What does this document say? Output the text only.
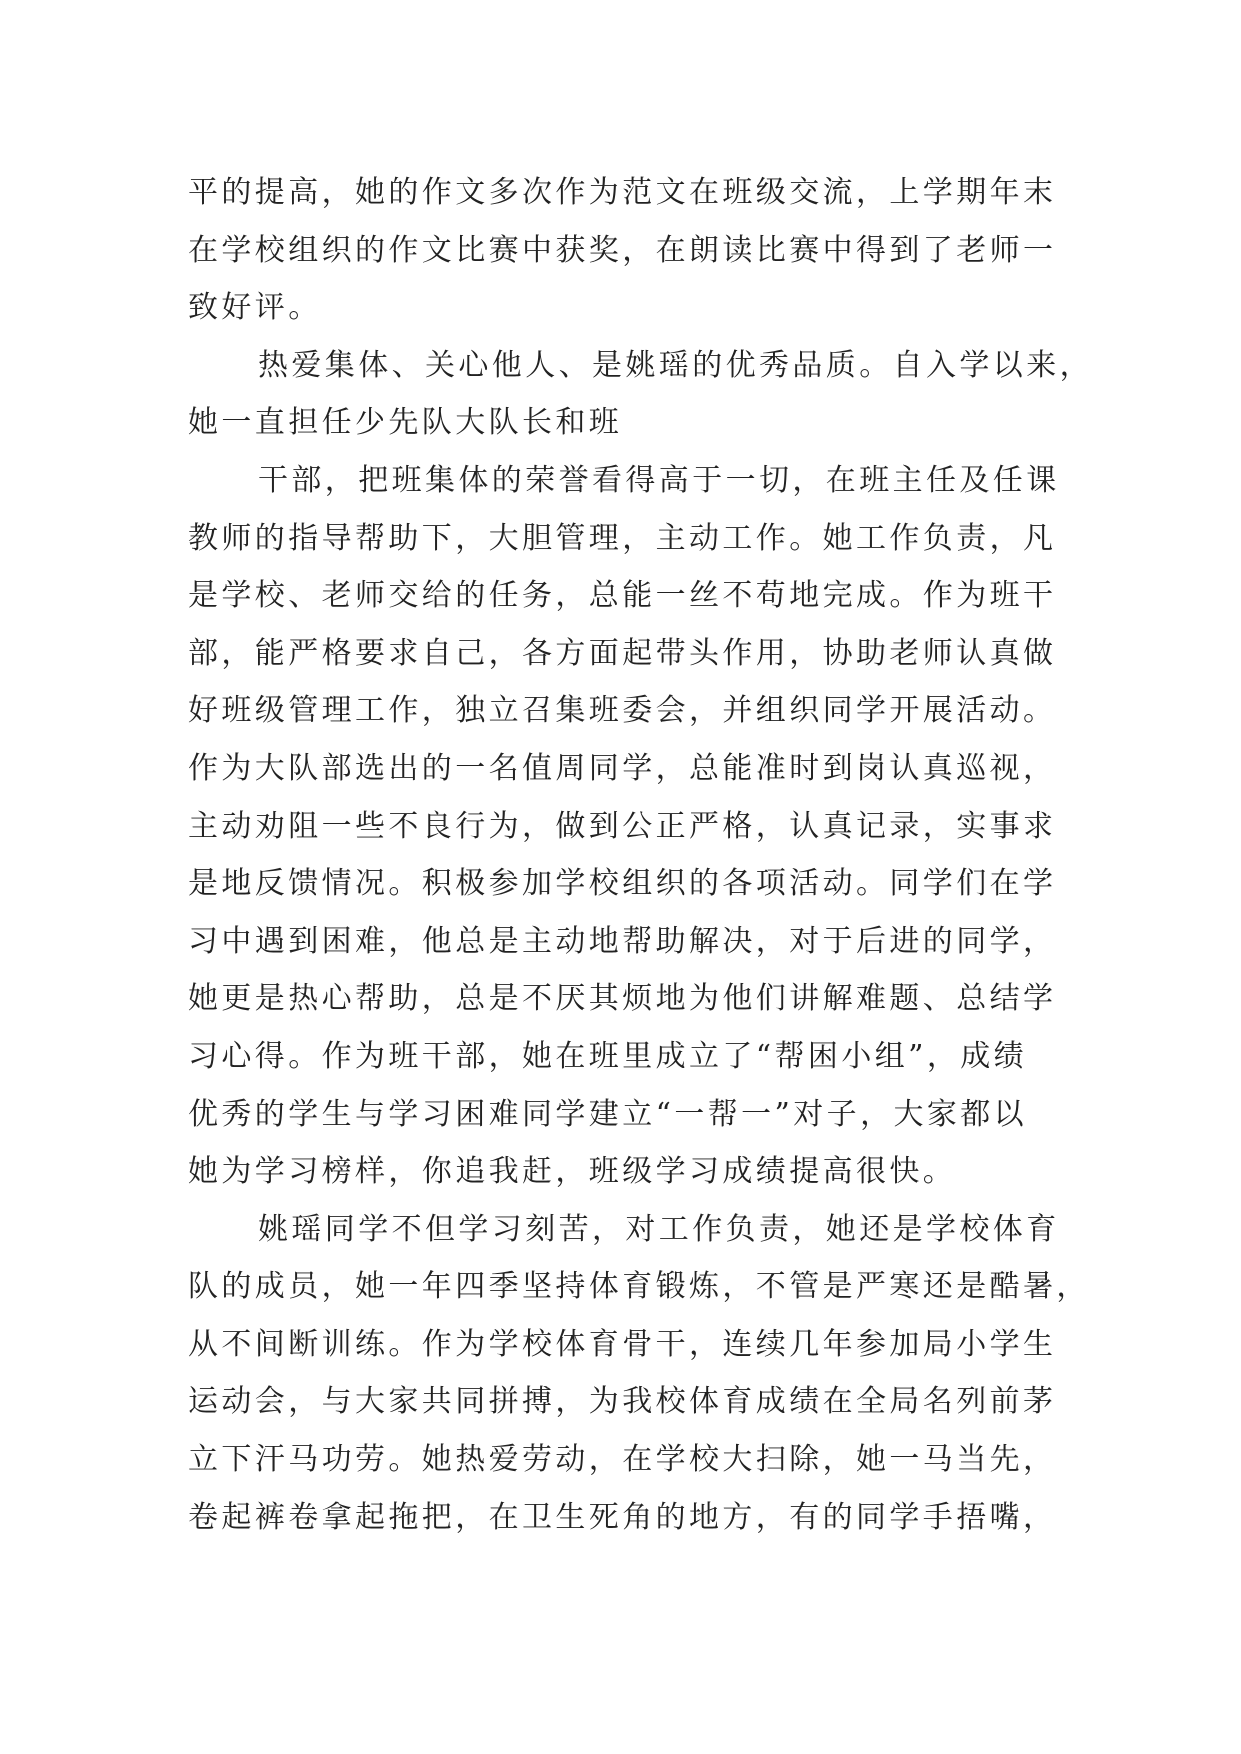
平的提高，她的作文多次作为范文在班级交流，上学期年末
在学校组织的作文比赛中获奖，在朗读比赛中得到了老师一
致好评。
热爱集体、关心他人、是姚瑶的优秀品质。自入学以来，
她一直担任少先队大队长和班
干部，把班集体的荣誉看得高于一切，在班主任及任课
教师的指导帮助下，大胆管理，主动工作。她工作负责，凡
是学校、老师交给的任务，总能一丝不苟地完成。作为班干
部，能严格要求自己，各方面起带头作用，协助老师认真做
好班级管理工作，独立召集班委会，并组织同学开展活动。
作为大队部选出的一名值周同学，总能准时到岗认真巡视，
主动劝阻一些不良行为，做到公正严格，认真记录，实事求
是地反馈情况。积极参加学校组织的各项活动。同学们在学
习中遇到困难，他总是主动地帮助解决，对于后进的同学，
她更是热心帮助，总是不厌其烦地为他们讲解难题、总结学
习心得。作为班干部，她在班里成立了“帮困小组”，成绩
优秀的学生与学习困难同学建立“一帮一”对子，大家都以
她为学习榜样，你追我赶，班级学习成绩提高很快。
姚瑶同学不但学习刻苦，对工作负责，她还是学校体育
队的成员，她一年四季坚持体育锻炼，不管是严寒还是酷暑，
从不间断训练。作为学校体育骨干，连续几年参加局小学生
运动会，与大家共同拼搏，为我校体育成绩在全局名列前茅
立下汗马功劳。她热爱劳动，在学校大扫除，她一马当先，
卷起裤卷拿起拖把，在卫生死角的地方，有的同学手捂嘴，
